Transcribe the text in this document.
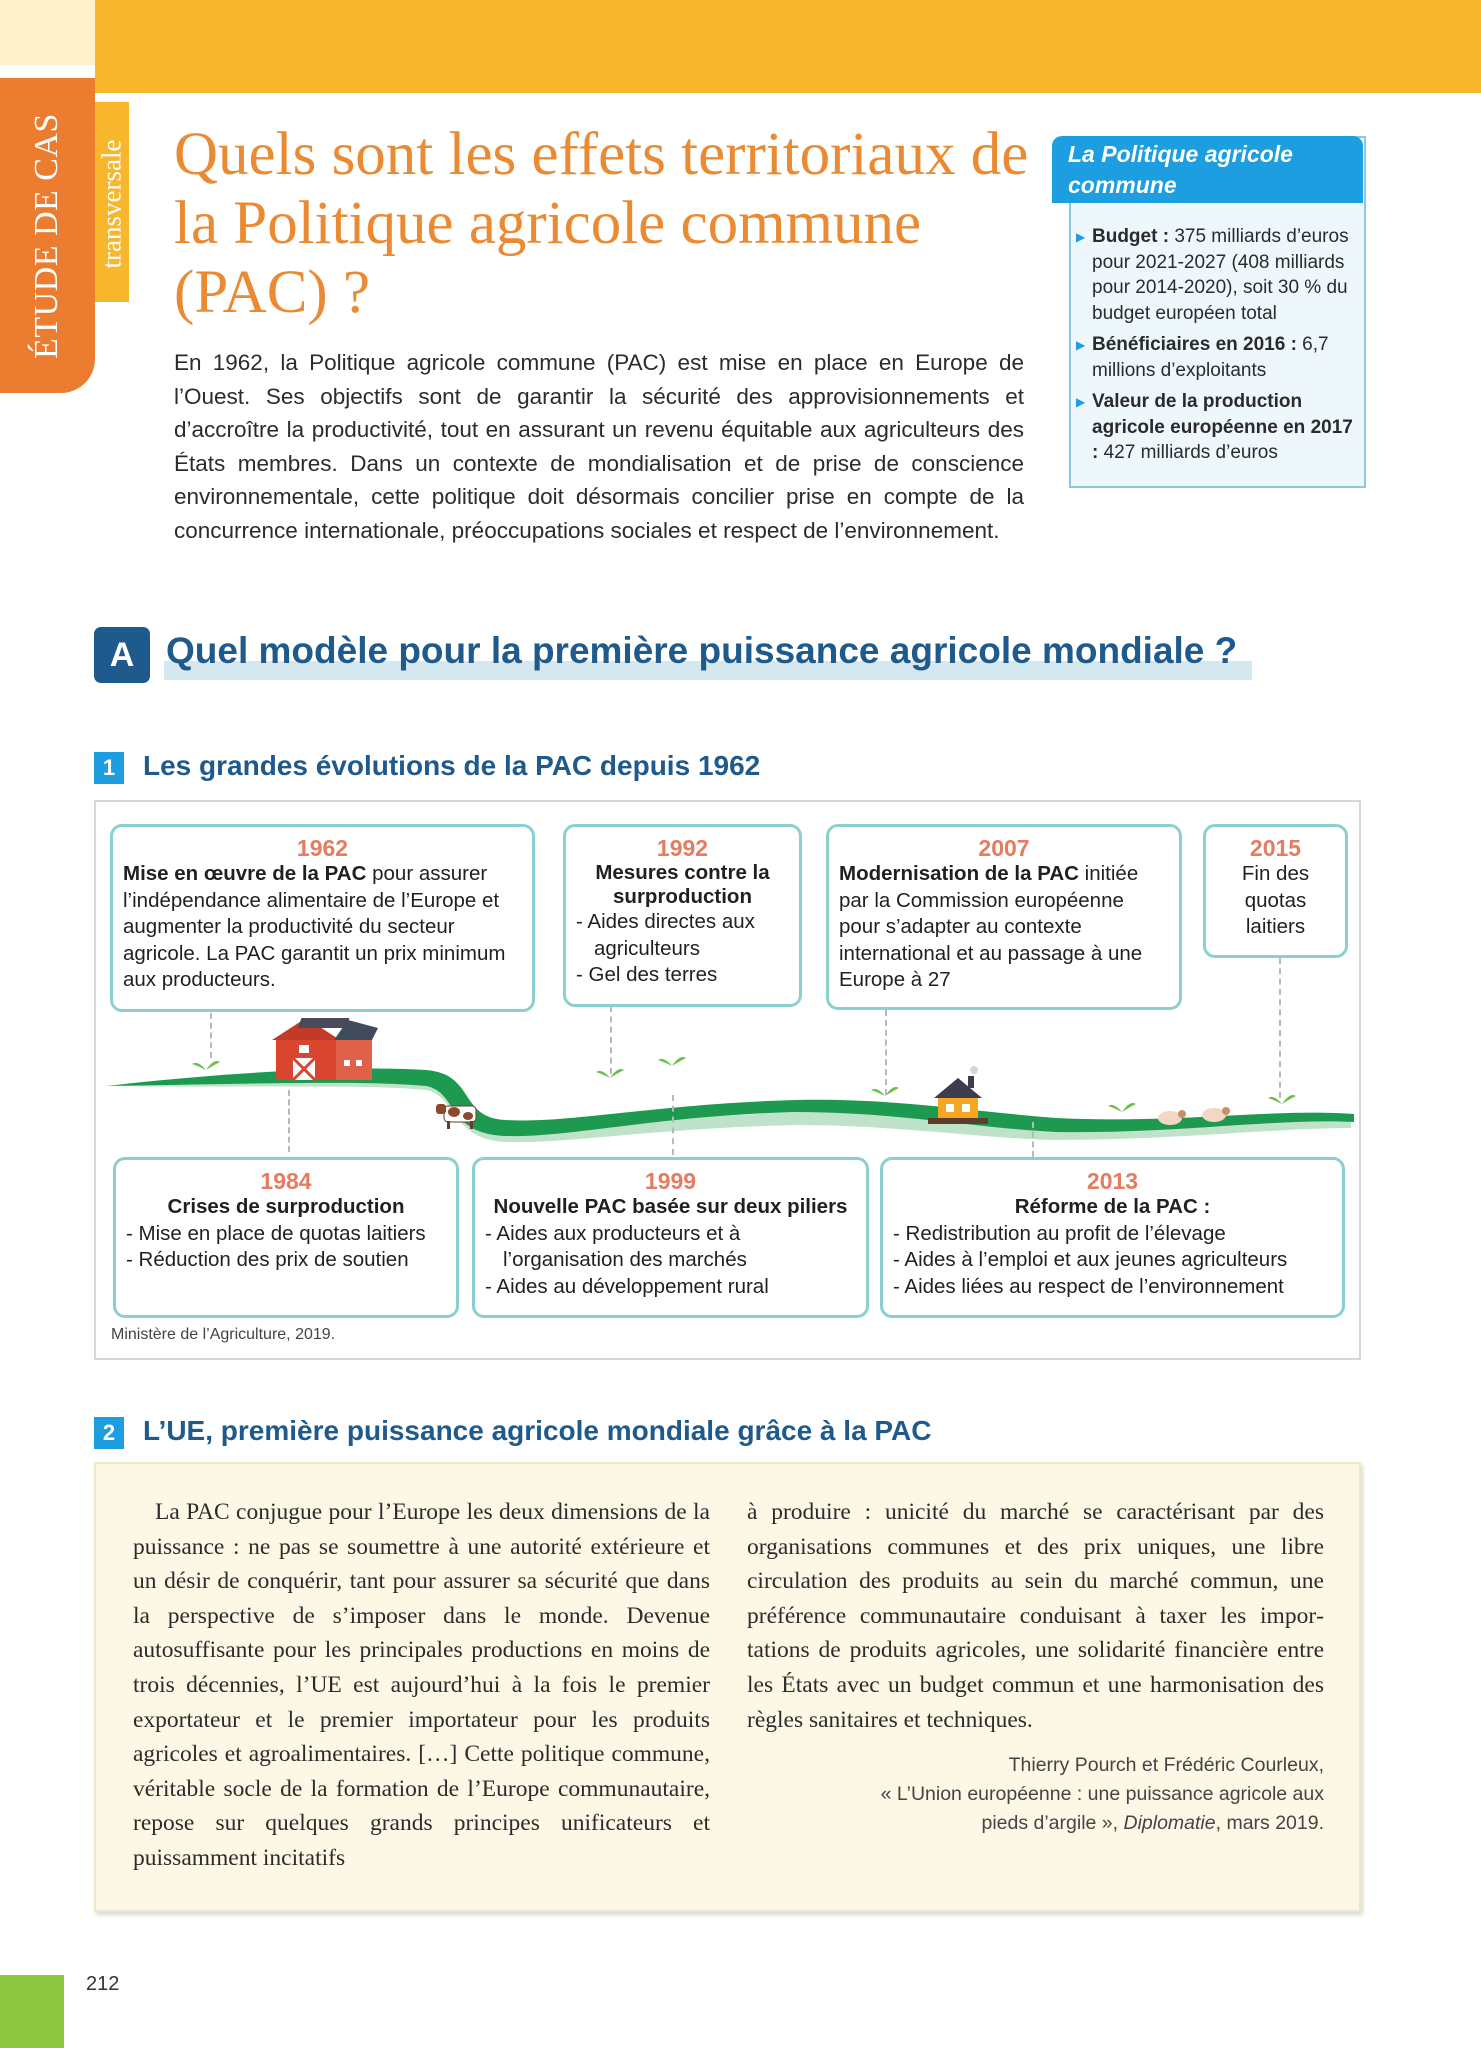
ÉTUDE DE CAS transversale Quels sont les effets territoriaux de la Politique agricole commune (PAC) ?
En 1962, la Politique agricole commune (PAC) est mise en place en Europe de l’Ouest. Ses objectifs sont de garantir la sécurité des approvisionnements et d’accroître la productivité, tout en assurant un revenu équitable aux agriculteurs des États membres. Dans un contexte de mondialisation et de prise de conscience environnementale, cette politique doit désormais concilier prise en compte de la concurrence internationale, préoccupations sociales et respect de l’environnement.
La Politique agricole commune
▶ Budget : 375 milliards d’euros pour 2021-2027 (408 milliards pour 2014-2020), soit 30 % du budget européen total
▶ Bénéficiaires en 2016 : 6,7 millions d’exploitants
▶ Valeur de la production agricole européenne en 2017 : 427 milliards d’euros
A Quel modèle pour la première puissance agricole mondiale ?
1 Les grandes évolutions de la PAC depuis 1962
1962
Mise en œuvre de la PAC pour assurer l’indépendance alimentaire de l’Europe et augmenter la productivité du secteur agricole. La PAC garantit un prix minimum aux producteurs.
1992
Mesures contre la surproduction
- Aides directes aux agriculteurs
- Gel des terres
2007
Modernisation de la PAC initiée par la Commission européenne pour s’adapter au contexte international et au passage à une Europe à 27
2015
Fin des quotas laitiers
1984
Crises de surproduction
- Mise en place de quotas laitiers
- Réduction des prix de soutien
1999
Nouvelle PAC basée sur deux piliers
- Aides aux producteurs et à l’organisation des marchés
- Aides au développement rural
2013
Réforme de la PAC :
- Redistribution au profit de l’élevage
- Aides à l’emploi et aux jeunes agriculteurs
- Aides liées au respect de l’environnement
Ministère de l’Agriculture, 2019.
2 L’UE, première puissance agricole mondiale grâce à la PAC
La PAC conjugue pour l’Europe les deux dimensions de la puissance : ne pas se soumettre à une autorité extérieure et un désir de conquérir, tant pour assurer sa sécurité que dans la perspective de s’imposer dans le monde. Devenue autosuffisante pour les principales productions en moins de trois décennies, l’UE est aujourd’hui à la fois le premier exportateur et le premier importateur pour les produits agricoles et agroalimentaires. […] Cette politique commune, véritable socle de la formation de l’Europe communautaire, repose sur quelques grands principes unificateurs et puissamment incitatifs
à produire : unicité du marché se caractérisant par des organisations communes et des prix uniques, une libre circulation des produits au sein du marché commun, une préférence communautaire conduisant à taxer les importations de produits agricoles, une solidarité financière entre les États avec un budget commun et une harmonisation des règles sanitaires et techniques.
Thierry Pourch et Frédéric Courleux,
« L’Union européenne : une puissance agricole aux pieds d’argile », Diplomatie, mars 2019.
212
